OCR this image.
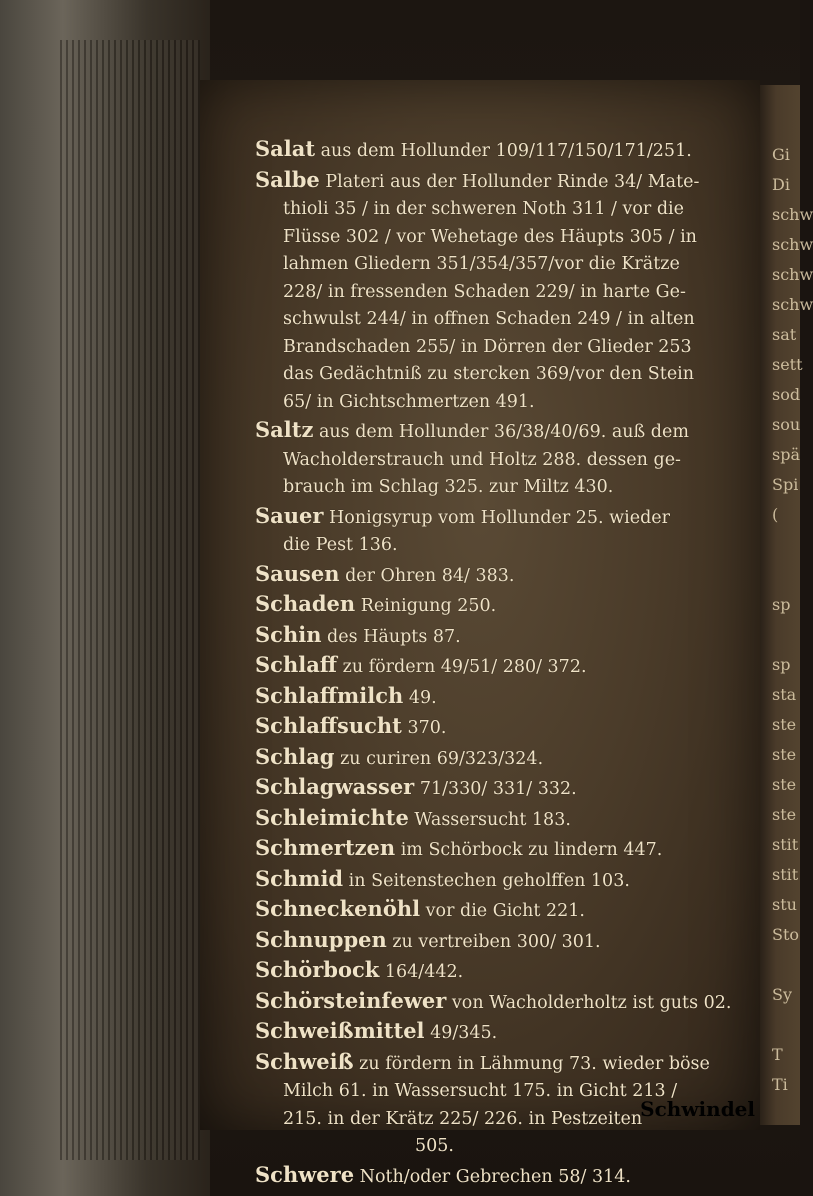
Gi
Di
schw
schw
schw
schw
sat
sett
sod
sou
spä
Spi
(

sp

sp
sta
ste
ste
ste
ste
stit
stit
stu
Sto

Sy

T
Ti
Salat aus dem Hollunder 109/117/150/171/251.
Salbe Plateri aus der Hollunder Rinde 34/ Mate-
thioli 35 / in der schweren Noth 311 / vor die
Flüsse 302 / vor Wehetage des Häupts 305 / in
lahmen Gliedern 351/354/357/vor die Krätze
228/ in fressenden Schaden 229/ in harte Ge-
schwulst 244/ in offnen Schaden 249 / in alten
Brandschaden 255/ in Dörren der Glieder 253
das Gedächtniß zu stercken 369/vor den Stein
65/ in Gichtschmertzen 491.
Saltz aus dem Hollunder 36/38/40/69. auß dem
Wacholderstrauch und Holtz 288. dessen ge-
brauch im Schlag 325. zur Miltz 430.
Sauer Honigsyrup vom Hollunder 25. wieder
die Pest 136.
Sausen der Ohren 84/ 383.
Schaden Reinigung 250.
Schin des Häupts 87.
Schlaff zu fördern 49/51/ 280/ 372.
Schlaffmilch 49.
Schlaffsucht 370.
Schlag zu curiren 69/323/324.
Schlagwasser 71/330/ 331/ 332.
Schleimichte Wassersucht 183.
Schmertzen im Schörbock zu lindern 447.
Schmid in Seitenstechen geholffen 103.
Schneckenöhl vor die Gicht 221.
Schnuppen zu vertreiben 300/ 301.
Schörbock 164/442.
Schörsteinfewer von Wacholderholtz ist guts 02.
Schweißmittel 49/345.
Schweiß zu fördern in Lähmung 73. wieder böse
Milch 61. in Wassersucht 175. in Gicht 213 /
215. in der Krätz 225/ 226. in Pestzeiten
505.
Schwere Noth/oder Gebrechen 58/ 314.
Schwindel
